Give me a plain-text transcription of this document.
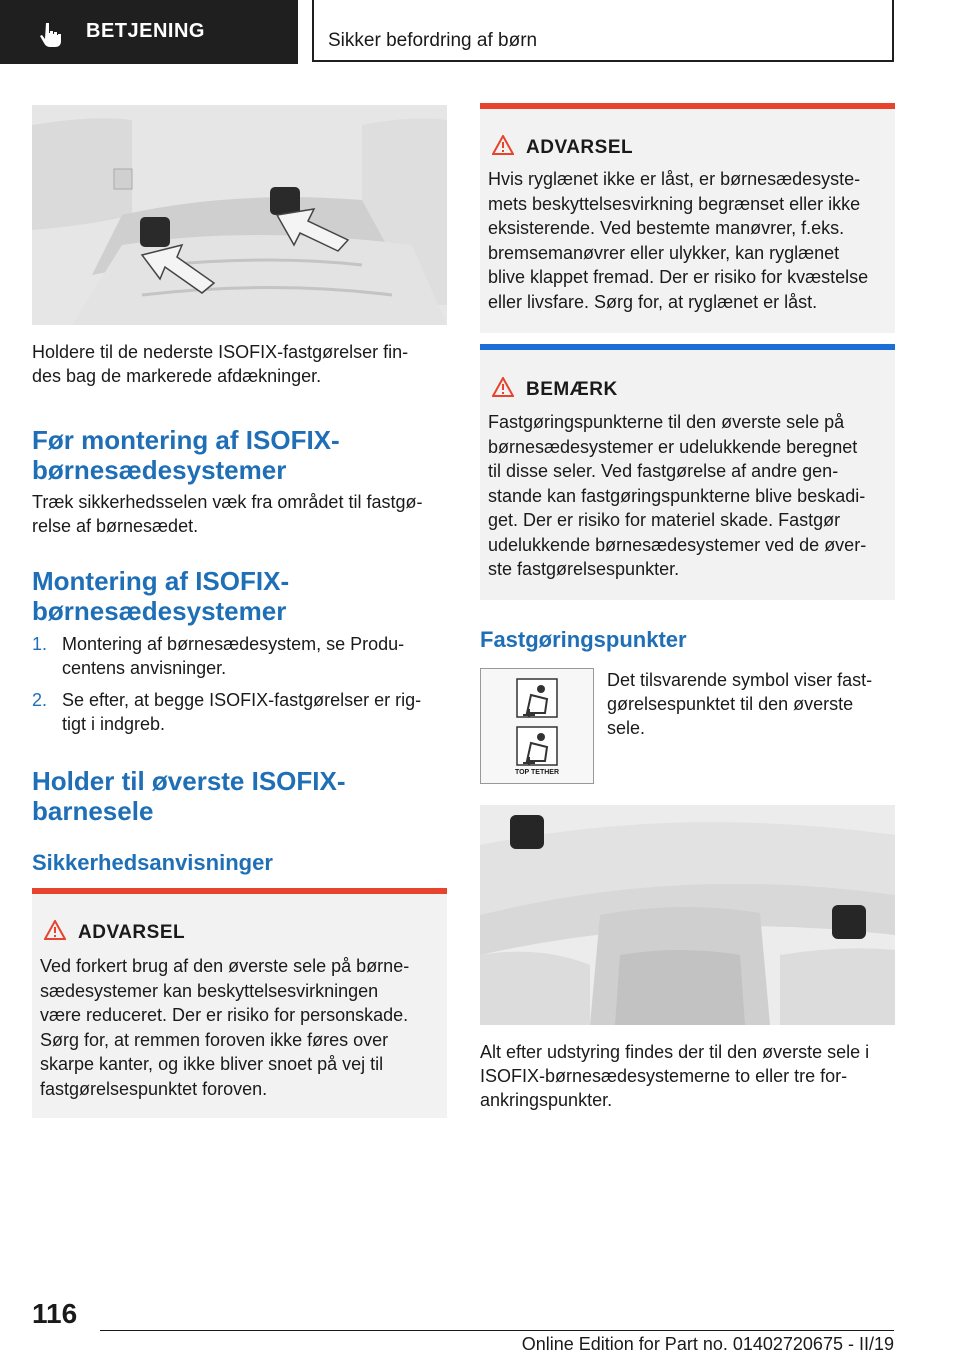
BETJENING	Sikker befordring af børn

Holdere til de nederste ISOFIX-fastgørelser fin-
des bag de markerede afdækninger.

Før montering af ISOFIX-
børnesædesystemer

Træk sikkerhedsselen væk fra området til fastgø-
relse af børnesædet.

Montering af ISOFIX-
børnesædesystemer
1. Montering af børnesædesystem, se Produ-
centens anvisninger.
2. Se efter, at begge ISOFIX-fastgørelser er rig-
tigt i indgreb.
Holder til øverste ISOFIX-
barnesele
Sikkerhedsanvisninger
ADVARSEL
Ved forkert brug af den øverste sele på børne-
sædesystemer kan beskyttelsesvirkningen
være reduceret. Der er risiko for personskade.
Sørg for, at remmen foroven ikke føres over
skarpe kanter, og ikke bliver snoet på vej til
fastgørelsespunktet foroven.
ADVARSEL
Hvis ryglænet ikke er låst, er børnesædesyste-
mets beskyttelsesvirkning begrænset eller ikke
eksisterende. Ved bestemte manøvrer, f.eks.
bremsemanøvrer eller ulykker, kan ryglænet
blive klappet fremad. Der er risiko for kvæstelse
eller livsfare. Sørg for, at ryglænet er låst.
BEMÆRK
Fastgøringspunkterne til den øverste sele på
børnesædesystemer er udelukkende beregnet
til disse seler. Ved fastgørelse af andre gen-
stande kan fastgøringspunkterne blive beskadi-
get. Der er risiko for materiel skade. Fastgør
udelukkende børnesædesystemer ved de øver-
ste fastgørelsespunkter.
Fastgøringspunkter
TOP TETHER

Det tilsvarende symbol viser fast-
gørelsespunktet til den øverste
sele.

Alt efter udstyring findes der til den øverste sele i
ISOFIX-børnesædesystemerne to eller tre for-
ankringspunkter.

116
Online Edition for Part no. 01402720675 - II/19
